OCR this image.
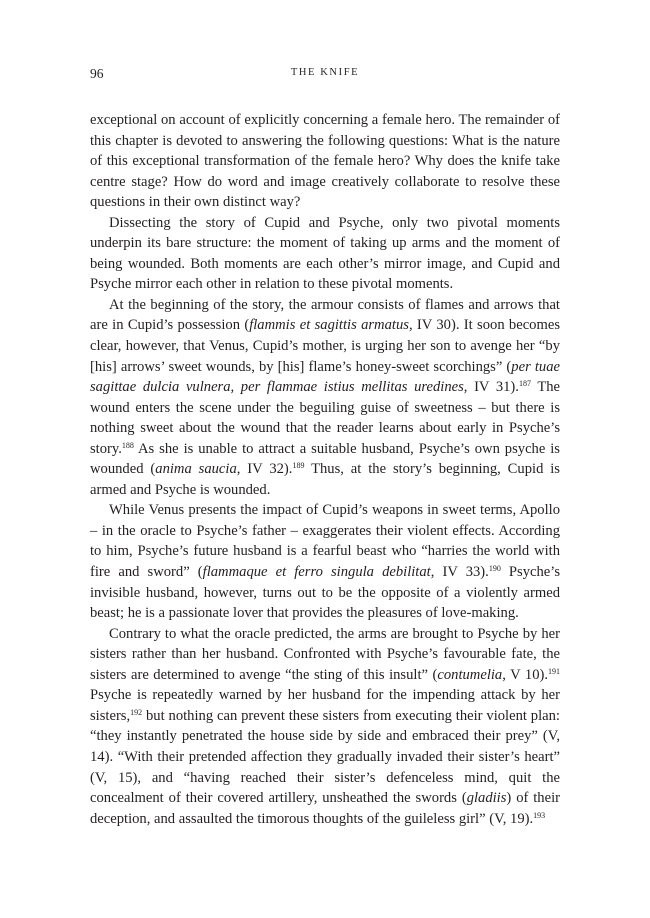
96	THE KNIFE

exceptional on account of explicitly concerning a female hero. The remainder of this chapter is devoted to answering the following questions: What is the nature of this exceptional transformation of the female hero? Why does the knife take centre stage? How do word and image creatively collaborate to resolve these questions in their own distinct way?

Dissecting the story of Cupid and Psyche, only two pivotal moments underpin its bare structure: the moment of taking up arms and the moment of being wounded. Both moments are each other’s mirror image, and Cupid and Psyche mirror each other in relation to these pivotal moments.

At the beginning of the story, the armour consists of flames and arrows that are in Cupid’s possession (flammis et sagittis armatus, IV 30). It soon becomes clear, however, that Venus, Cupid’s mother, is urging her son to avenge her “by [his] arrows’ sweet wounds, by [his] flame’s honey-sweet scorchings” (per tuae sagittae dulcia vulnera, per flammae istius mellitas uredines, IV 31).$^{187}$ The wound enters the scene under the beguiling guise of sweetness – but there is nothing sweet about the wound that the reader learns about early in Psyche’s story.$^{188}$ As she is unable to attract a suitable husband, Psyche’s own psyche is wounded (anima saucia, IV 32).$^{189}$ Thus, at the story’s beginning, Cupid is armed and Psyche is wounded.

While Venus presents the impact of Cupid’s weapons in sweet terms, Apollo – in the oracle to Psyche’s father – exaggerates their violent effects. According to him, Psyche’s future husband is a fearful beast who “harries the world with fire and sword” (flammaque et ferro singula debilitat, IV 33).$^{190}$ Psyche’s invisible husband, however, turns out to be the opposite of a violently armed beast; he is a passionate lover that provides the pleasures of love-making.

Contrary to what the oracle predicted, the arms are brought to Psyche by her sisters rather than her husband. Confronted with Psyche’s favourable fate, the sisters are determined to avenge “the sting of this insult” (contumelia, V 10).$^{191}$ Psyche is repeatedly warned by her husband for the impending attack by her sisters,$^{192}$ but nothing can prevent these sisters from executing their violent plan: “they instantly penetrated the house side by side and embraced their prey” (V, 14). “With their pretended affection they gradually invaded their sister’s heart” (V, 15), and “having reached their sister’s defenceless mind, quit the concealment of their covered artillery, unsheathed the swords (gladiis) of their deception, and assaulted the timorous thoughts of the guileless girl” (V, 19).$^{193}$
